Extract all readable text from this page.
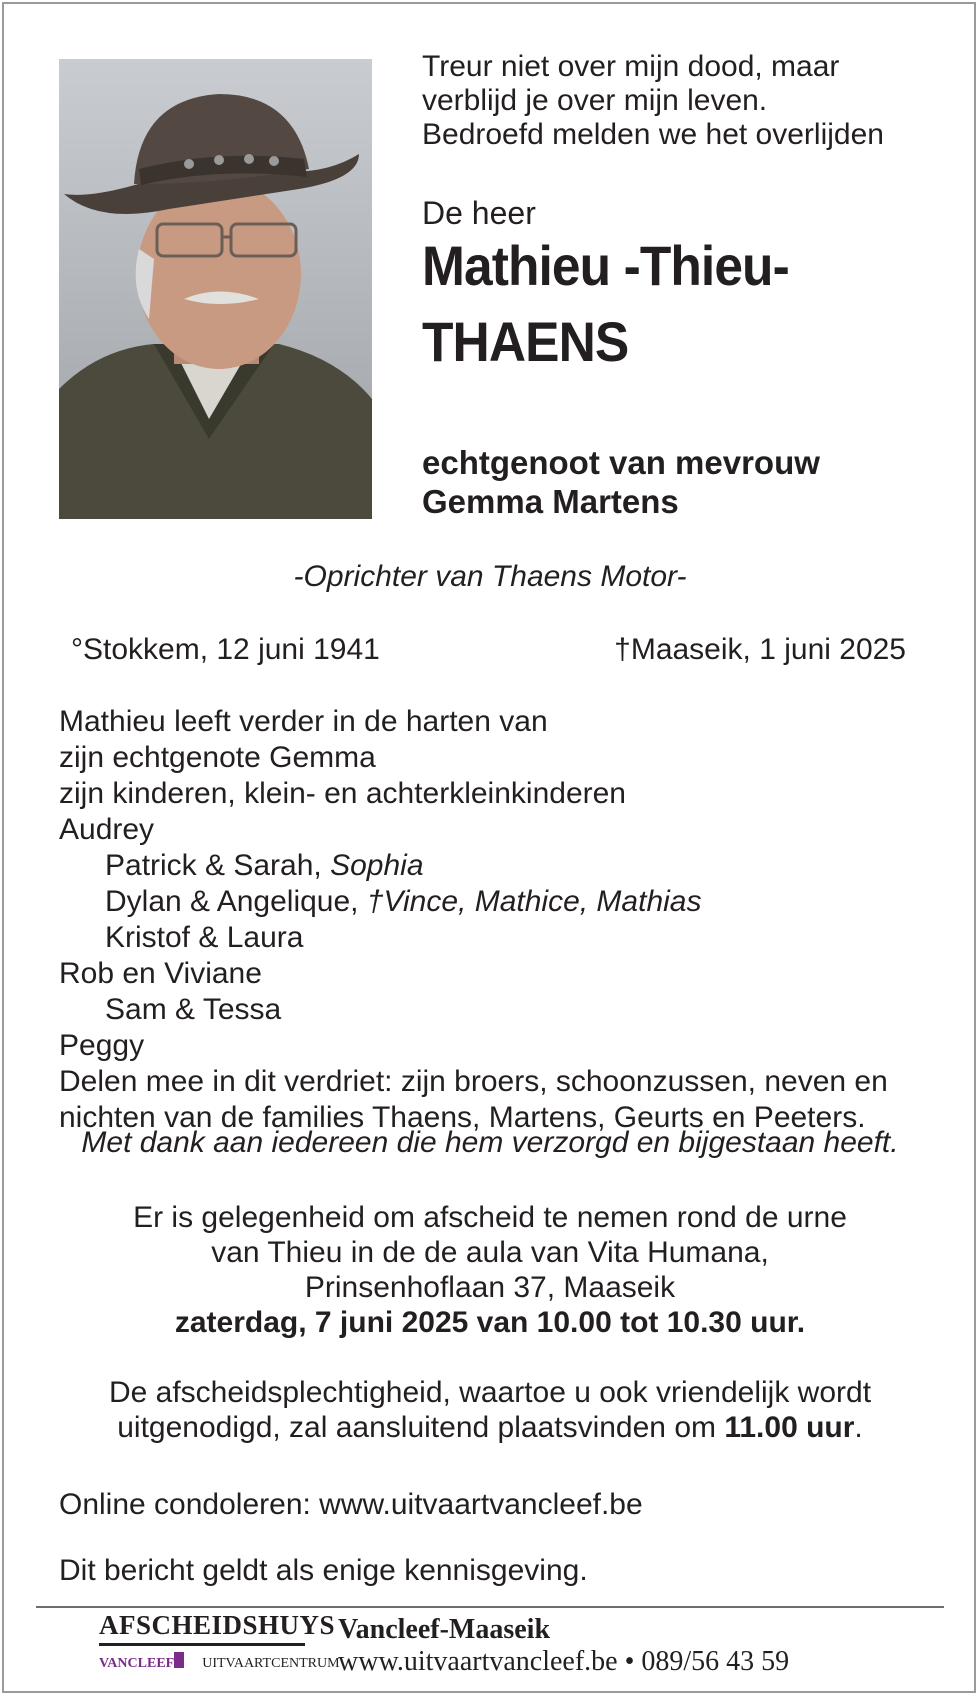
Treur niet over mijn dood, maar
verblijd je over mijn leven.
Bedroefd melden we het overlijden
De heer
Mathieu -Thieu-
THAENS
echtgenoot van mevrouw
Gemma Martens
-Oprichter van Thaens Motor-
°Stokkem, 12 juni 1941	†Maaseik, 1 juni 2025
Mathieu leeft verder in de harten van
zijn echtgenote Gemma
zijn kinderen, klein- en achterkleinkinderen
Audrey
Patrick & Sarah, Sophia
Dylan & Angelique, †Vince, Mathice, Mathias
Kristof & Laura
Rob en Viviane
Sam & Tessa
Peggy
Delen mee in dit verdriet: zijn broers, schoonzussen, neven en
nichten van de families Thaens, Martens, Geurts en Peeters.
Met dank aan iedereen die hem verzorgd en bijgestaan heeft.
Er is gelegenheid om afscheid te nemen rond de urne
van Thieu in de de aula van Vita Humana,
Prinsenhoflaan 37, Maaseik
zaterdag, 7 juni 2025 van 10.00 tot 10.30 uur.
De afscheidsplechtigheid, waartoe u ook vriendelijk wordt
uitgenodigd, zal aansluitend plaatsvinden om 11.00 uur.
Online condoleren: www.uitvaartvancleef.be
Dit bericht geldt als enige kennisgeving.
AFSCHEIDSHUYS
VANCLEEF UITVAARTCENTRUM
Vancleef-Maaseik
www.uitvaartvancleef.be • 089/56 43 59
